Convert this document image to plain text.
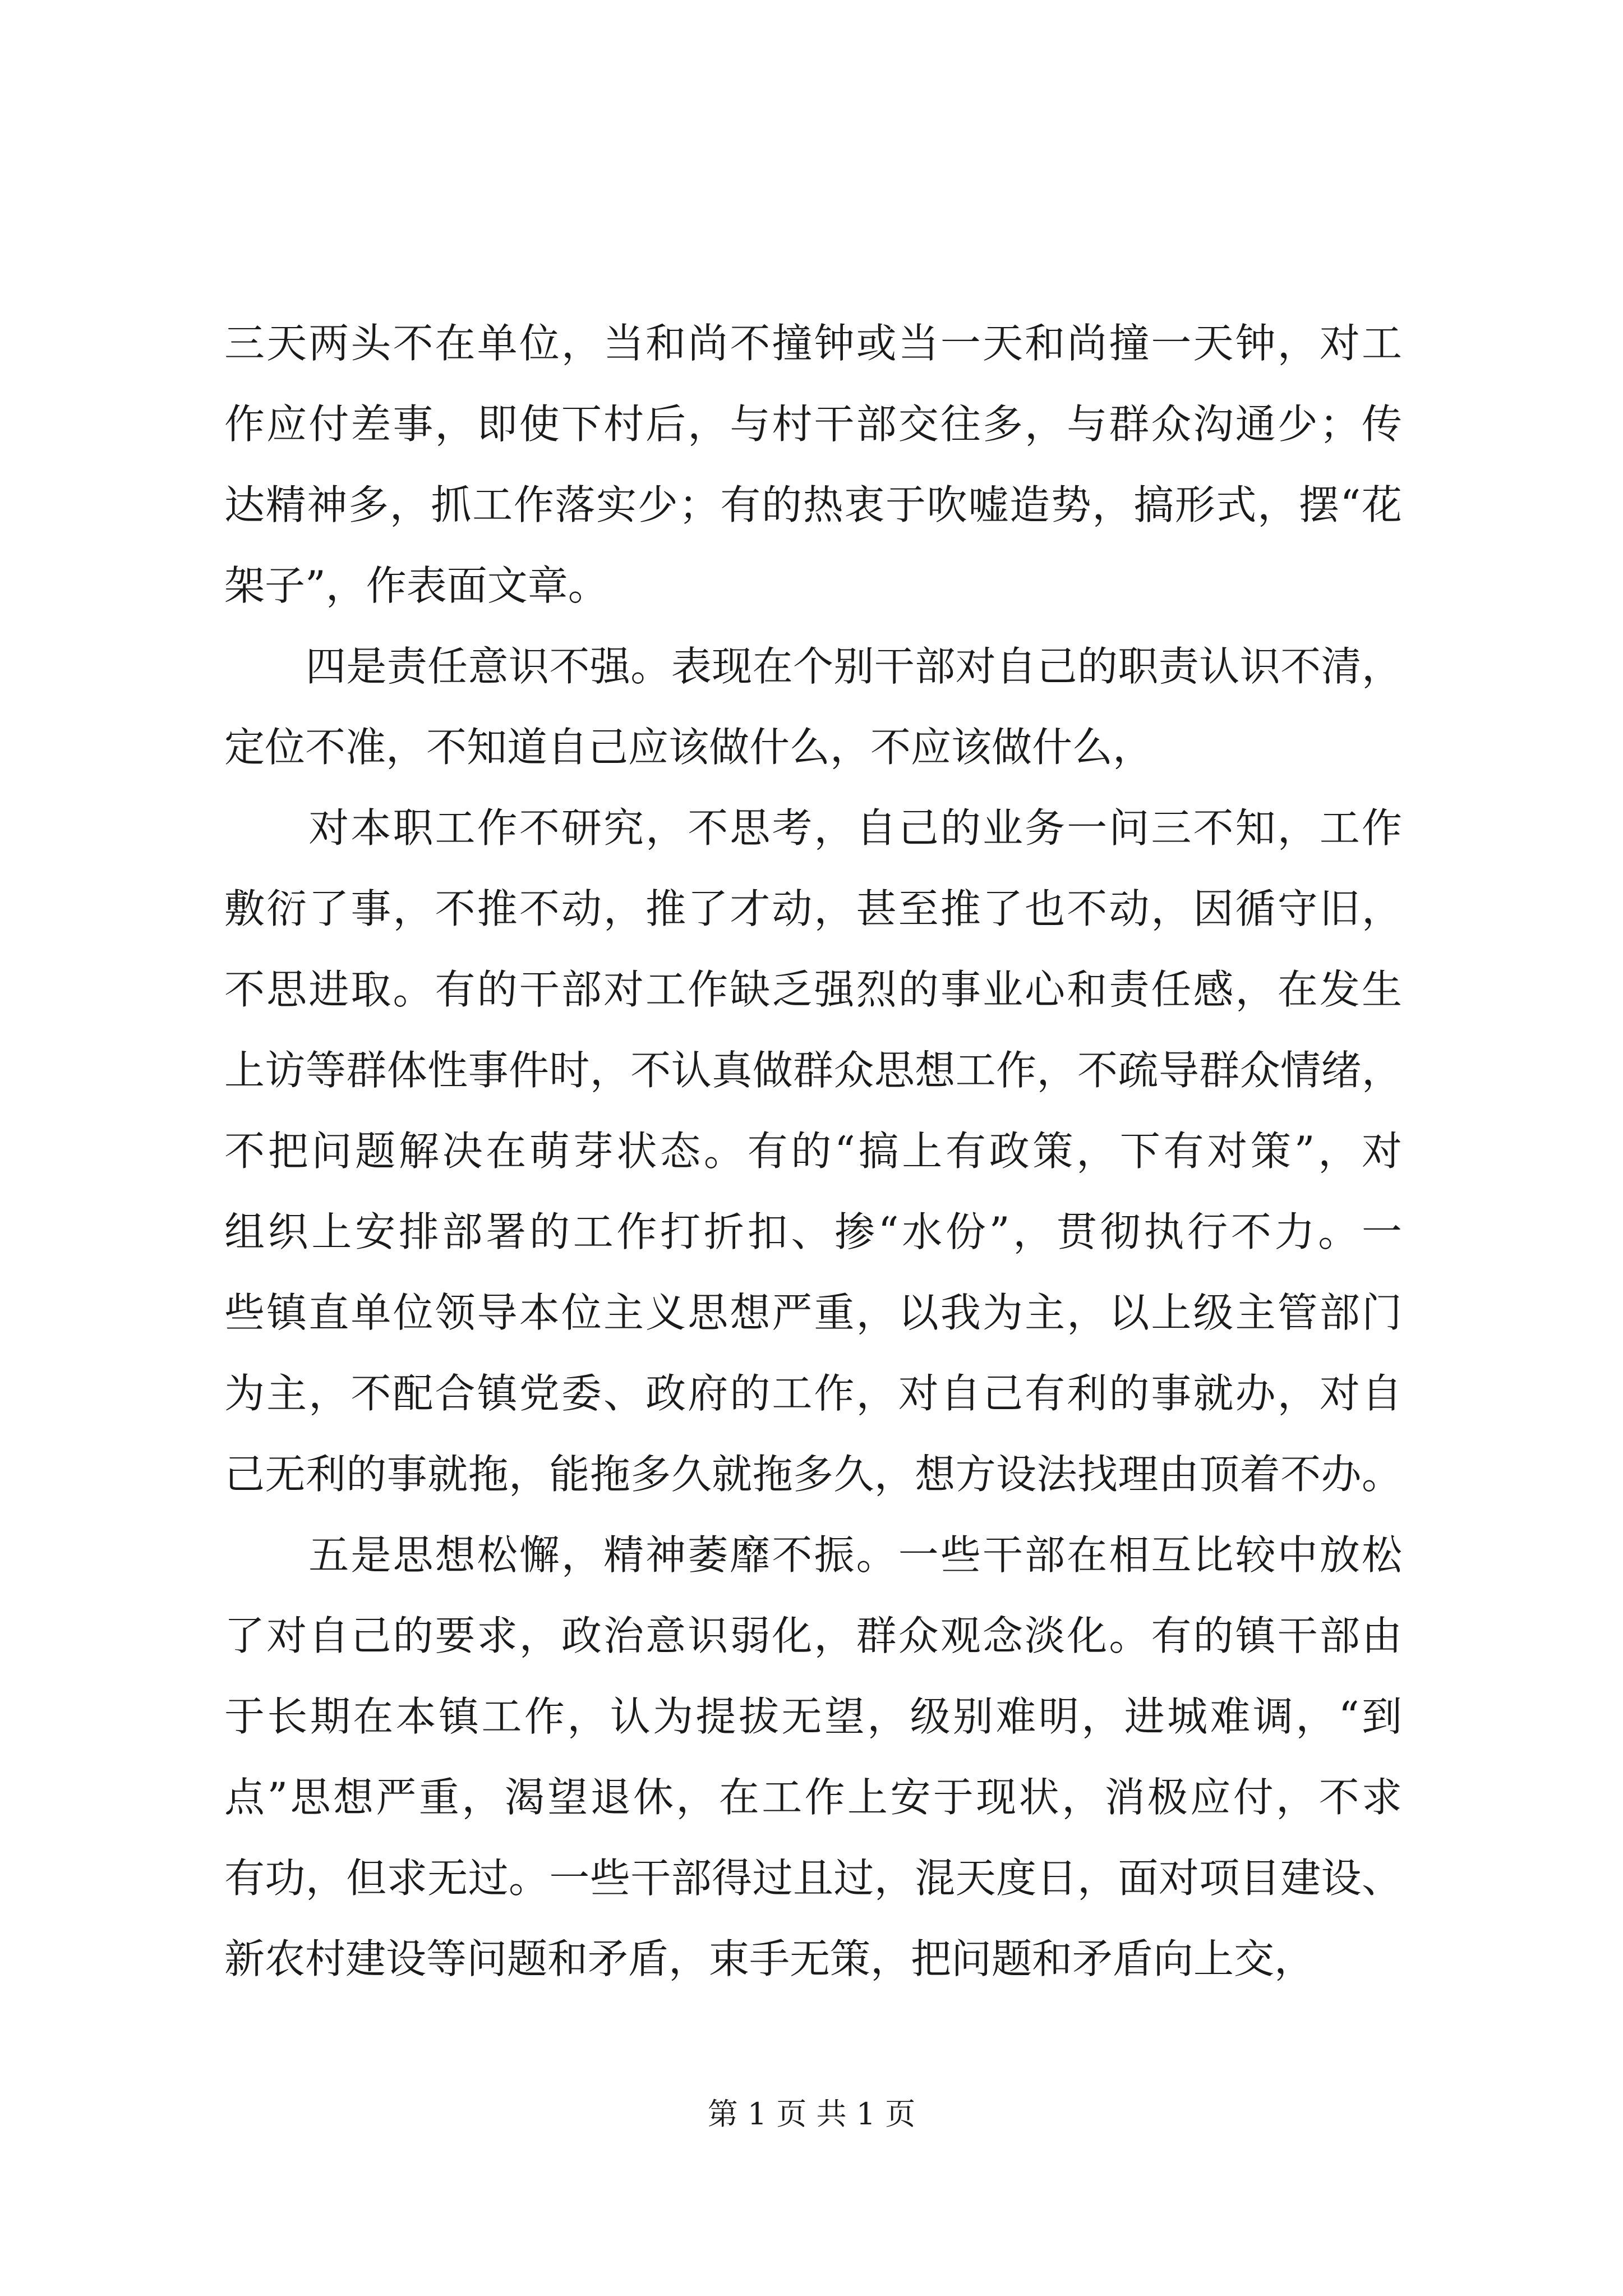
三天两头不在单位，当和尚不撞钟或当一天和尚撞一天钟，对工
作应付差事，即使下村后，与村干部交往多，与群众沟通少；传
达精神多，抓工作落实少；有的热衷于吹嘘造势，搞形式，摆“花
架子”，作表面文章。
　　四是责任意识不强。表现在个别干部对自己的职责认识不清，
定位不准，不知道自己应该做什么，不应该做什么，
　　对本职工作不研究，不思考，自己的业务一问三不知，工作
敷衍了事，不推不动，推了才动，甚至推了也不动，因循守旧，
不思进取。有的干部对工作缺乏强烈的事业心和责任感，在发生
上访等群体性事件时，不认真做群众思想工作，不疏导群众情绪，
不把问题解决在萌芽状态。有的“搞上有政策，下有对策”，对
组织上安排部署的工作打折扣、掺“水份”，贯彻执行不力。一
些镇直单位领导本位主义思想严重，以我为主，以上级主管部门
为主，不配合镇党委、政府的工作，对自己有利的事就办，对自
己无利的事就拖，能拖多久就拖多久，想方设法找理由顶着不办。
　　五是思想松懈，精神萎靡不振。一些干部在相互比较中放松
了对自己的要求，政治意识弱化，群众观念淡化。有的镇干部由
于长期在本镇工作，认为提拔无望，级别难明，进城难调，“到
点”思想严重，渴望退休，在工作上安于现状，消极应付，不求
有功，但求无过。一些干部得过且过，混天度日，面对项目建设、
新农村建设等问题和矛盾，束手无策，把问题和矛盾向上交，
第 1 页 共 1 页
